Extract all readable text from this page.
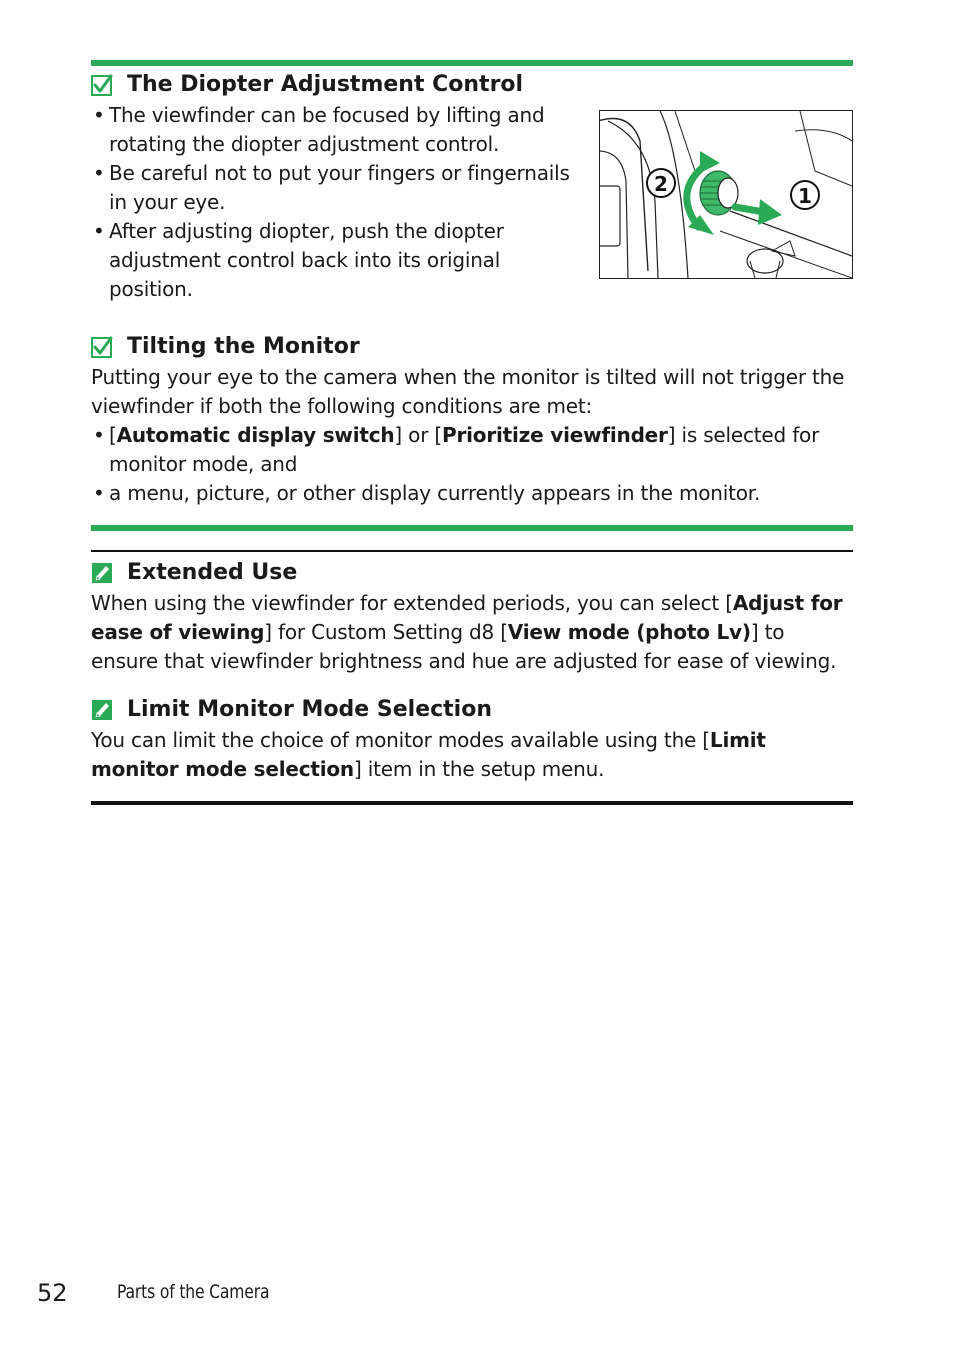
The Diopter Adjustment Control
• The viewfinder can be focused by lifting and rotating the diopter adjustment control.
• Be careful not to put your fingers or fingernails in your eye.
• After adjusting diopter, push the diopter adjustment control back into its original position.
2	1
Tilting the Monitor
Putting your eye to the camera when the monitor is tilted will not trigger the viewfinder if both the following conditions are met:
• [Automatic display switch] or [Prioritize viewfinder] is selected for monitor mode, and
• a menu, picture, or other display currently appears in the monitor.
Extended Use
When using the viewfinder for extended periods, you can select [Adjust for ease of viewing] for Custom Setting d8 [View mode (photo Lv)] to ensure that viewfinder brightness and hue are adjusted for ease of viewing.
Limit Monitor Mode Selection
You can limit the choice of monitor modes available using the [Limit monitor mode selection] item in the setup menu.
52	Parts of the Camera
